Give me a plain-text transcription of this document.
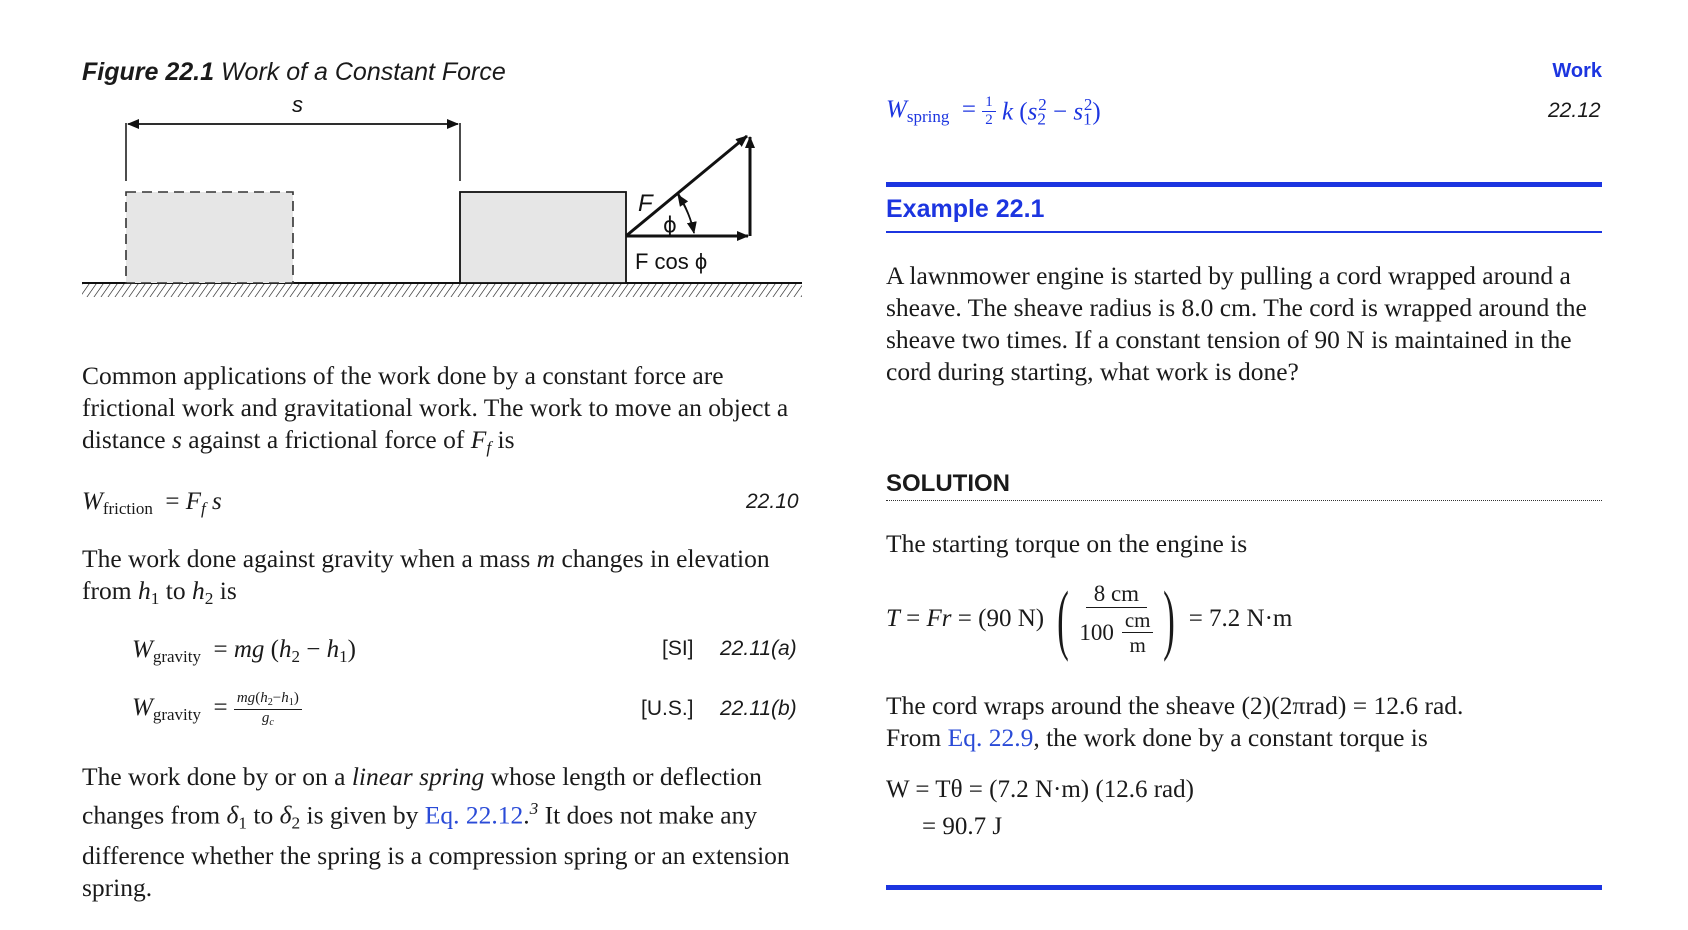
Figure 22.1 Work of a Constant Force
F
ϕ
F cos ϕ
s
Common applications of the work done by a constant force are frictional work and gravitational work. The work to move an object a distance s against a frictional force of $F_f$ is
$W_{friction} = F_f$ s	22.10
The work done against gravity when a mass m changes in elevation from $h_1$ to $h_2$ is
$W_{gravity}$  = mg $(h_2 - h_1)$	[SI] 22.11(a)
$W_{gravity} = \frac{mg(h_2-h_1)}{g_c}$	[U.S.] 22.11(b)
The work done by or on a linear spring whose length or deflection changes from $\delta_1$ to $\delta_2$ is given by Eq. 22.12.$^3$ It does not make any difference whether the spring is a compression spring or an extension spring.
Work
$W_{spring} = \frac{1}{2}$ k $(s_2^2 - s_1^2)$	22.12
Example 22.1
A lawnmower engine is started by pulling a cord wrapped around a sheave. The sheave radius is 8.0 cm. The cord is wrapped around the sheave two times. If a constant tension of 90 N is maintained in the cord during starting, what work is done?
SOLUTION
The starting torque on the engine is
T = Fr = (90 N) ( $\frac{8 cm}{100 \frac{cm}{m}}$ )
= 7.2 N·m
The cord wraps around the sheave (2)(2πrad) = 12.6 rad.
From Eq. 22.9, the work done by a constant torque is
W = Tθ = (7.2 N·m) (12.6 rad)
= 90.7 J
